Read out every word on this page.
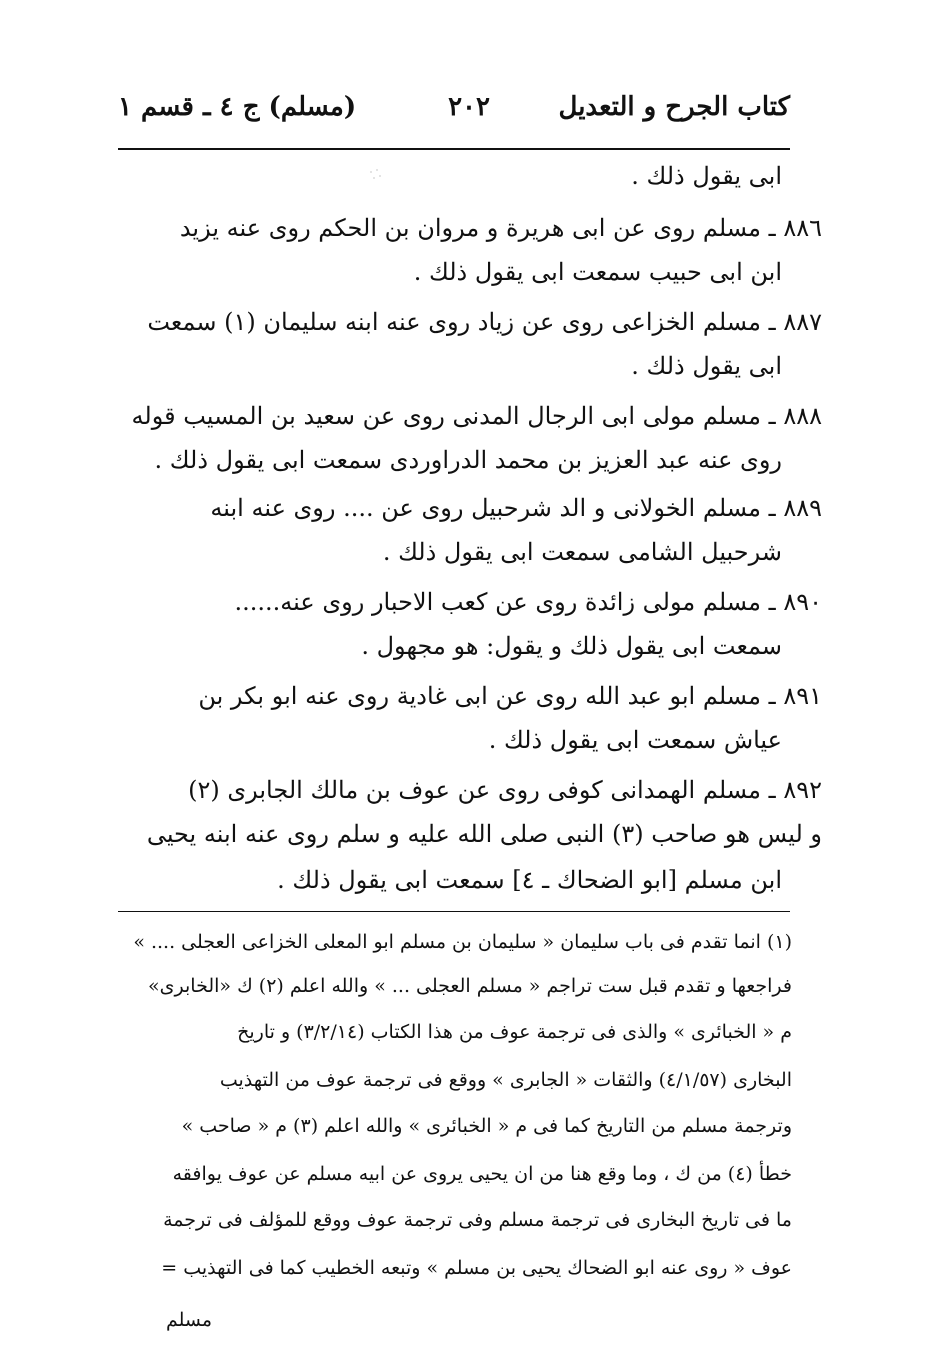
كتاب الجرح و التعديل
٢٠٢
(مسلم) ج ٤ ـ قسم ١
ابى يقول ذلك .
٨٨٦ ـ مسلم روى عن ابى هريرة و مروان بن الحكم روى عنه يزيد
ابن ابى حبيب سمعت ابى يقول ذلك .
٨٨٧ ـ مسلم الخزاعى روى عن زياد روى عنه ابنه سليمان (١) سمعت
ابى يقول ذلك .
٨٨٨ ـ مسلم مولى ابى الرجال المدنى روى عن سعيد بن المسيب قوله
روى عنه عبد العزيز بن محمد الدراوردى سمعت ابى يقول ذلك .
٨٨٩ ـ مسلم الخولانى و الد شرحبيل روى عن .... روى عنه ابنه
شرحبيل الشامى سمعت ابى يقول ذلك .
٨٩٠ ـ مسلم مولى زائدة روى عن كعب الاحبار روى عنه......
سمعت ابى يقول ذلك و يقول: هو مجهول .
٨٩١ ـ مسلم ابو عبد الله روى عن ابى غادية روى عنه ابو بكر بن
عياش سمعت ابى يقول ذلك .
٨٩٢ ـ مسلم الهمدانى كوفى روى عن عوف بن مالك الجابرى (٢)
و ليس هو صاحب (٣) النبى صلى الله عليه و سلم روى عنه ابنه يحيى
ابن مسلم [ابو الضحاك ـ ٤] سمعت ابى يقول ذلك .
(١) انما تقدم فى باب سليمان « سليمان بن مسلم ابو المعلى الخزاعى العجلى .... »
فراجعها و تقدم قبل ست تراجم « مسلم العجلى ... » والله اعلم (٢) ك «الخابرى»
م « الخبائرى » والذى فى ترجمة عوف من هذا الكتاب (٣/٢/١٤) و تاريخ
البخارى (٤/١/٥٧) والثقات « الجابرى » ووقع فى ترجمة عوف من التهذيب
وترجمة مسلم من التاريخ كما فى م « الخبائرى » والله اعلم (٣) م « صاحب »
خطأ (٤) من ك ، وما وقع هنا من ان يحيى يروى عن ابيه مسلم عن عوف يوافقه
ما فى تاريخ البخارى فى ترجمة مسلم وفى ترجمة عوف ووقع للمؤلف فى ترجمة
عوف « روى عنه ابو الضحاك يحيى بن مسلم » وتبعه الخطيب كما فى التهذيب =
مسلم
